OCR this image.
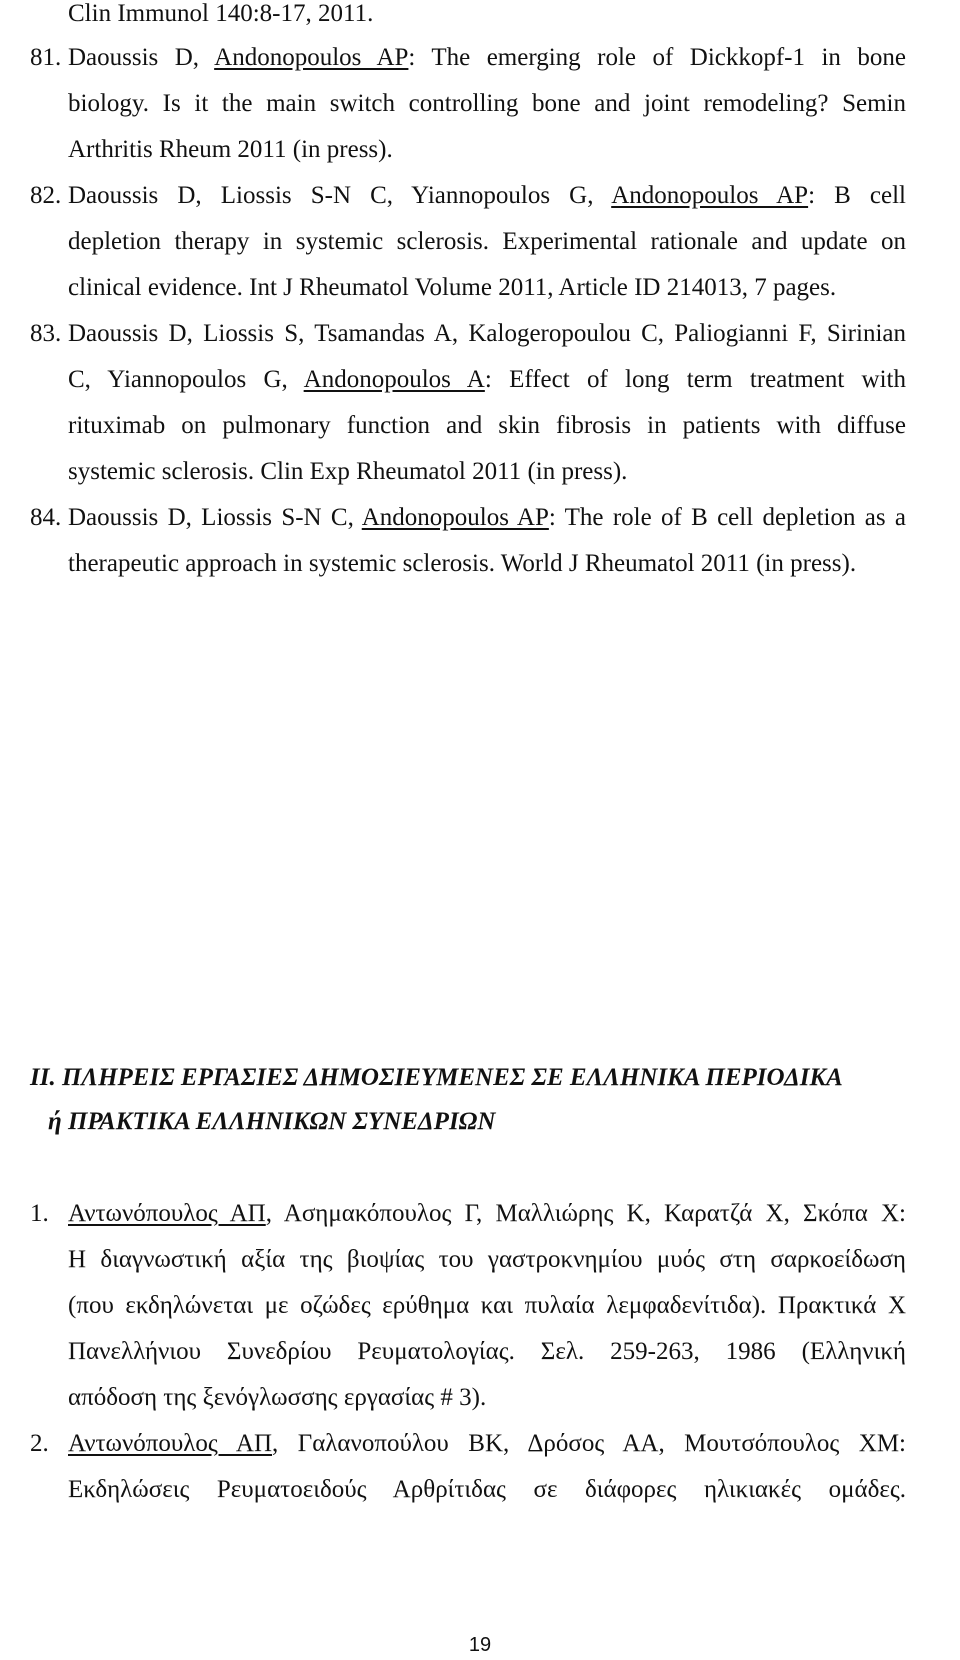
Clin Immunol 140:8-17, 2011.
81. Daoussis D, Andonopoulos AP: The emerging role of Dickkopf-1 in bone
biology. Is it the main switch controlling bone and joint remodeling? Semin
Arthritis Rheum 2011 (in press).
82. Daoussis D, Liossis S-N C, Yiannopoulos G, Andonopoulos AP: B cell
depletion therapy in systemic sclerosis. Experimental rationale and update on
clinical evidence. Int J Rheumatol Volume 2011, Article ID 214013, 7 pages.
83. Daoussis D, Liossis S, Tsamandas A, Kalogeropoulou C, Paliogianni F, Sirinian
C, Yiannopoulos G, Andonopoulos A: Effect of long term treatment with
rituximab on pulmonary function and skin fibrosis in patients with diffuse
systemic sclerosis. Clin Exp Rheumatol 2011 (in press).
84. Daoussis D, Liossis S-N C, Andonopoulos AP: The role of B cell depletion as a
therapeutic approach in systemic sclerosis. World J Rheumatol 2011 (in press).
II. ΠΛΗΡΕΙΣ ΕΡΓΑΣΙΕΣ ΔΗΜΟΣΙΕΥΜΕΝΕΣ ΣΕ ΕΛΛΗΝΙΚΑ ΠΕΡΙΟΔΙΚΑ
ή ΠΡΑΚΤΙΚΑ ΕΛΛΗΝΙΚΩΝ ΣΥΝΕΔΡΙΩΝ
1. Αντωνόπουλος ΑΠ, Ασημακόπουλος Γ, Μαλλιώρης Κ, Καρατζά Χ, Σκόπα Χ:
Η διαγνωστική αξία της βιοψίας του γαστροκνημίου μυός στη σαρκοείδωση
(που εκδηλώνεται με οζώδες ερύθημα και πυλαία λεμφαδενίτιδα). Πρακτικά Χ
Πανελλήνιου Συνεδρίου Ρευματολογίας. Σελ. 259-263, 1986 (Ελληνική
απόδοση της ξενόγλωσσης εργασίας # 3).
2. Αντωνόπουλος ΑΠ, Γαλανοπούλου ΒΚ, Δρόσος ΑΑ, Μουτσόπουλος ΧΜ:
Εκδηλώσεις Ρευματοειδούς Αρθρίτιδας σε διάφορες ηλικιακές ομάδες.
19
